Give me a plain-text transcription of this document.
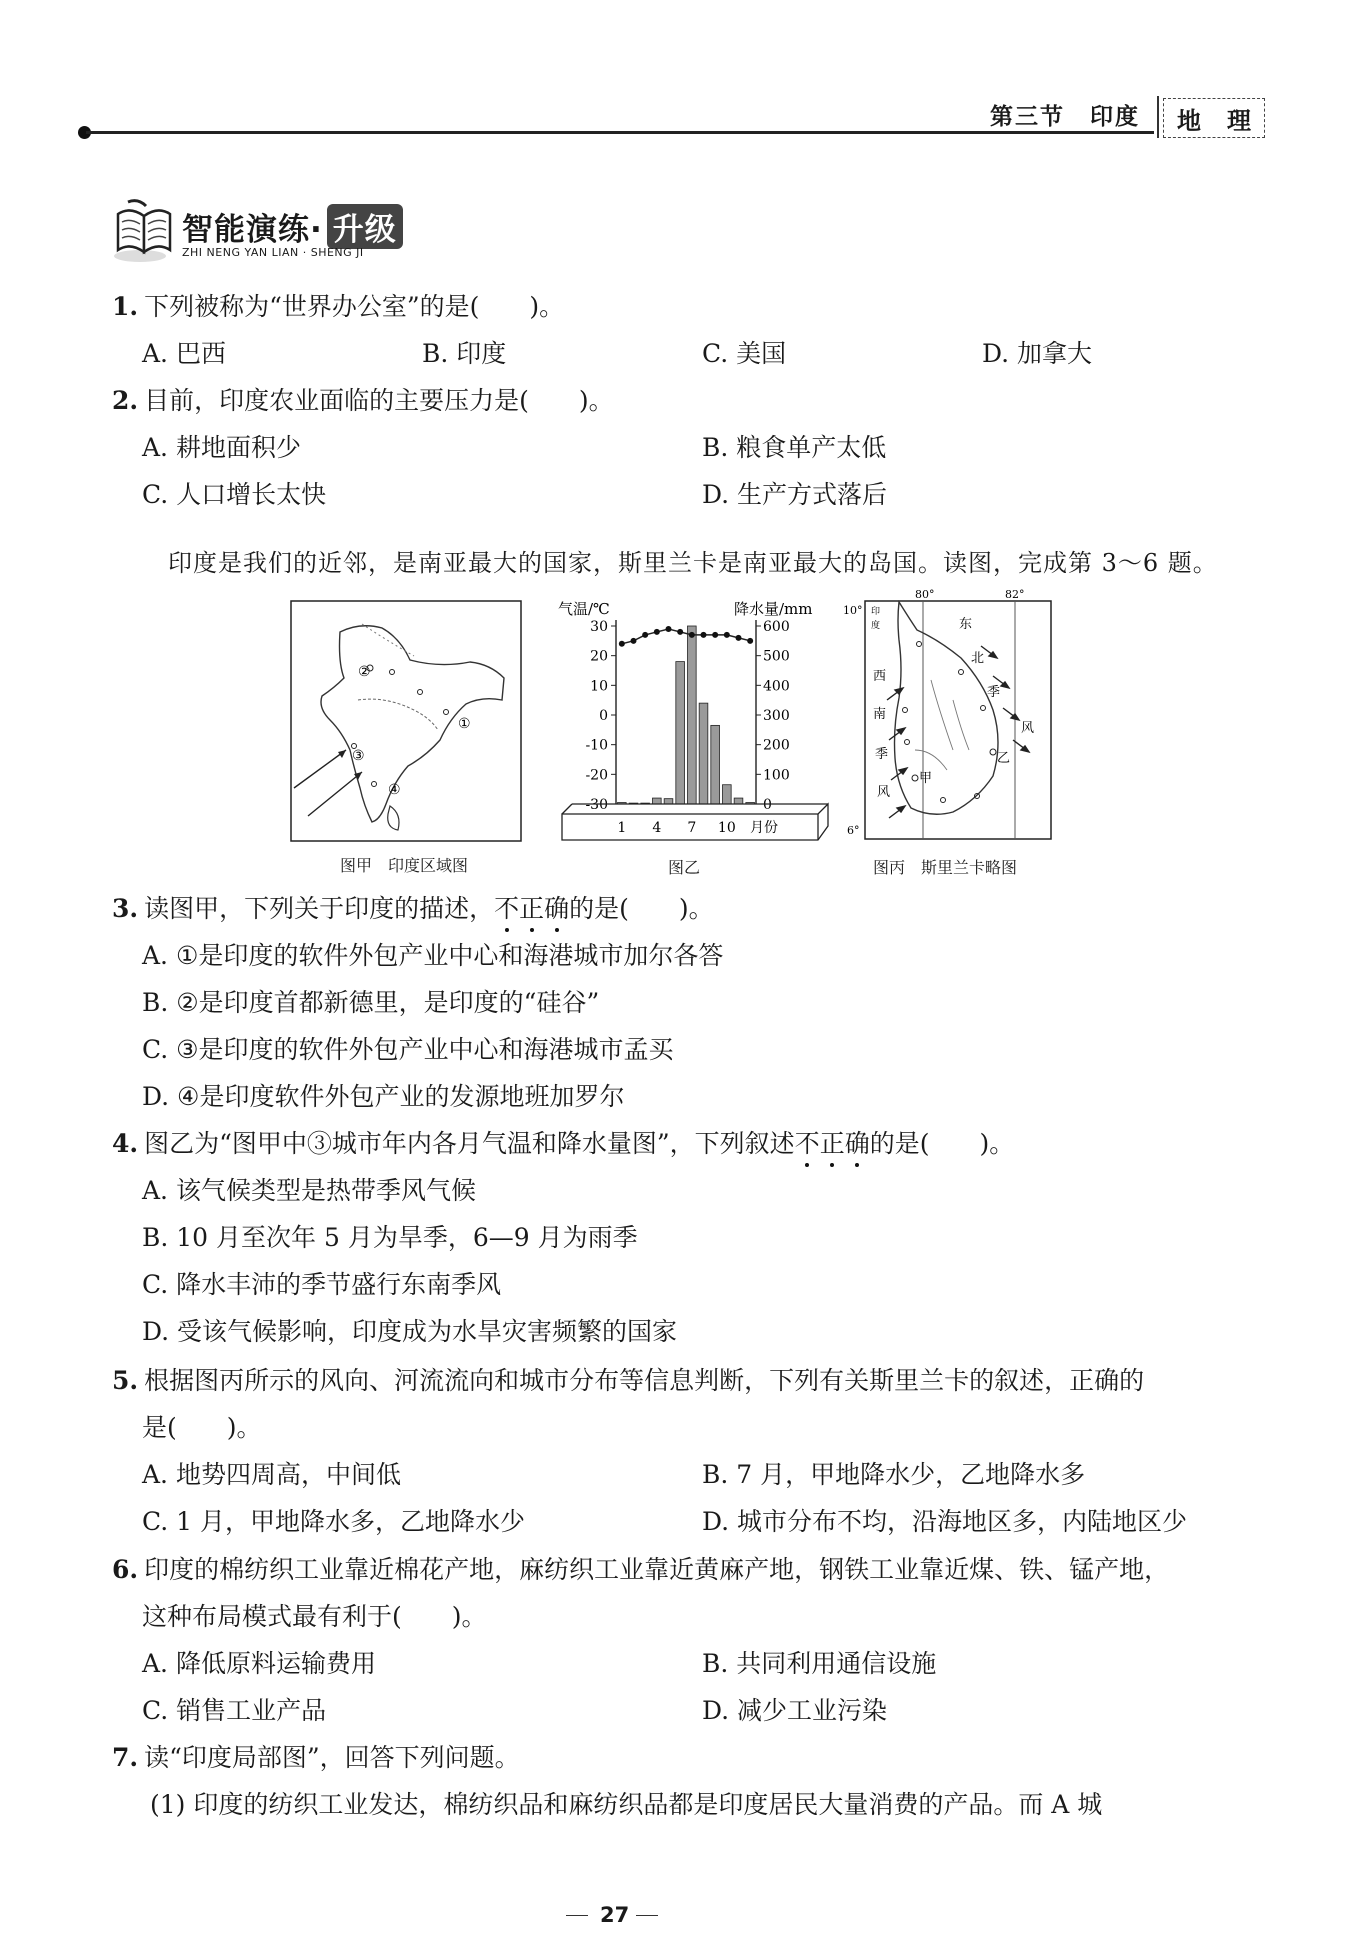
第三节　印度 地 理
智能演练· 升级
ZHI NENG YAN LIAN · SHENG JI
1. 下列被称为“世界办公室”的是(　　)。
A. 巴西	B. 印度	C. 美国	D. 加拿大
2. 目前，印度农业面临的主要压力是(　　)。
A. 耕地面积少	B. 粮食单产太低
C. 人口增长太快	D. 生产方式落后
印度是我们的近邻，是南亚最大的国家，斯里兰卡是南亚最大的岛国。读图，完成第 3～6 题。
②
①
③
④
图甲　印度区域图
气温/℃	降水量/mm
30
20
10
0
-10
-20
-30
600
500
400
300
200
100
0
1 4 7 10 月份
图乙
80°	82°
10°
6°
印
度	东
北
季
风
西
南
季
风
甲
乙
图丙　斯里兰卡略图
3. 读图甲，下列关于印度的描述，不正确的是(　　)。
A. ①是印度的软件外包产业中心和海港城市加尔各答
B. ②是印度首都新德里，是印度的“硅谷”
C. ③是印度的软件外包产业中心和海港城市孟买
D. ④是印度软件外包产业的发源地班加罗尔
4. 图乙为“图甲中③城市年内各月气温和降水量图”，下列叙述不正确的是(　　)。
A. 该气候类型是热带季风气候
B. 10 月至次年 5 月为旱季，6—9 月为雨季
C. 降水丰沛的季节盛行东南季风
D. 受该气候影响，印度成为水旱灾害频繁的国家
5. 根据图丙所示的风向、河流流向和城市分布等信息判断，下列有关斯里兰卡的叙述，正确的
是(　　)。
A. 地势四周高，中间低	B. 7 月，甲地降水少，乙地降水多
C. 1 月，甲地降水多，乙地降水少	D. 城市分布不均，沿海地区多，内陆地区少
6. 印度的棉纺织工业靠近棉花产地，麻纺织工业靠近黄麻产地，钢铁工业靠近煤、铁、锰产地，
这种布局模式最有利于(　　)。
A. 降低原料运输费用	B. 共同利用通信设施
C. 销售工业产品	D. 减少工业污染
7. 读“印度局部图”，回答下列问题。
(1) 印度的纺织工业发达，棉纺织品和麻纺织品都是印度居民大量消费的产品。而 A 城
27
